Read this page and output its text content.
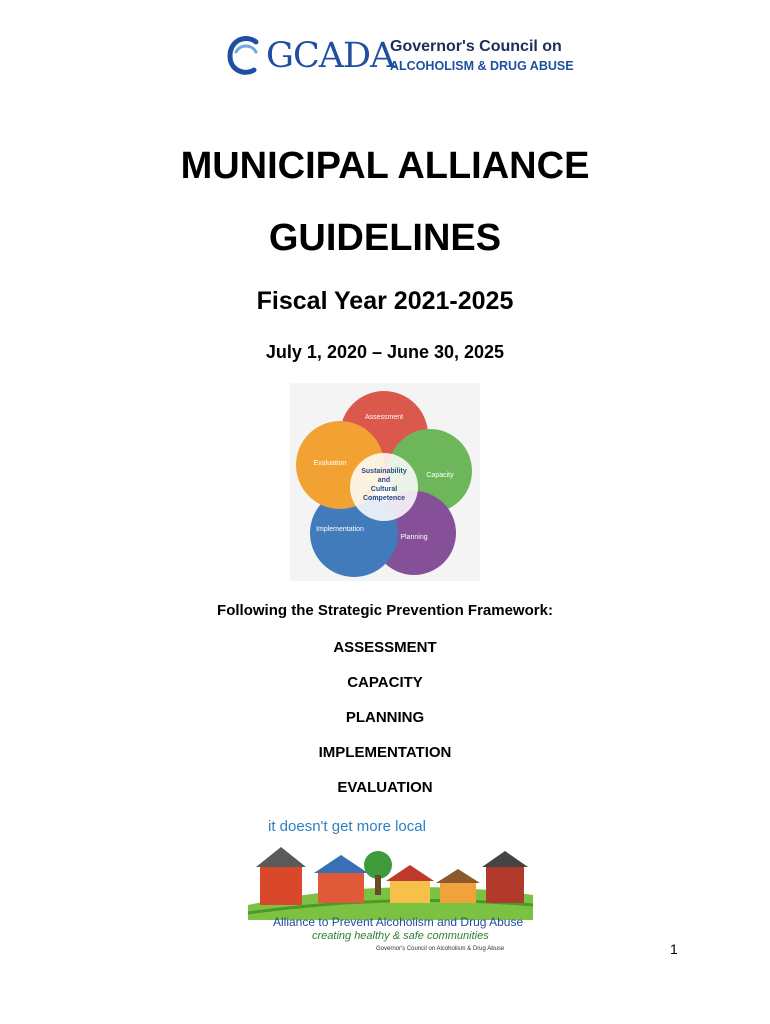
GCADA
Governor's Council on
ALCOHOLISM & DRUG ABUSE
MUNICIPAL ALLIANCE
GUIDELINES
Fiscal Year 2021-2025
July 1, 2020 – June 30, 2025
Assessment
Capacity
Planning
Implementation
Evaluation
Sustainability
and
Cultural
Competence
Following the Strategic Prevention Framework:
ASSESSMENT
CAPACITY
PLANNING
IMPLEMENTATION
EVALUATION
it doesn't get more local
Alliance to Prevent Alcoholism and Drug Abuse
creating healthy & safe communities
Governor's Council on Alcoholism & Drug Abuse	1
